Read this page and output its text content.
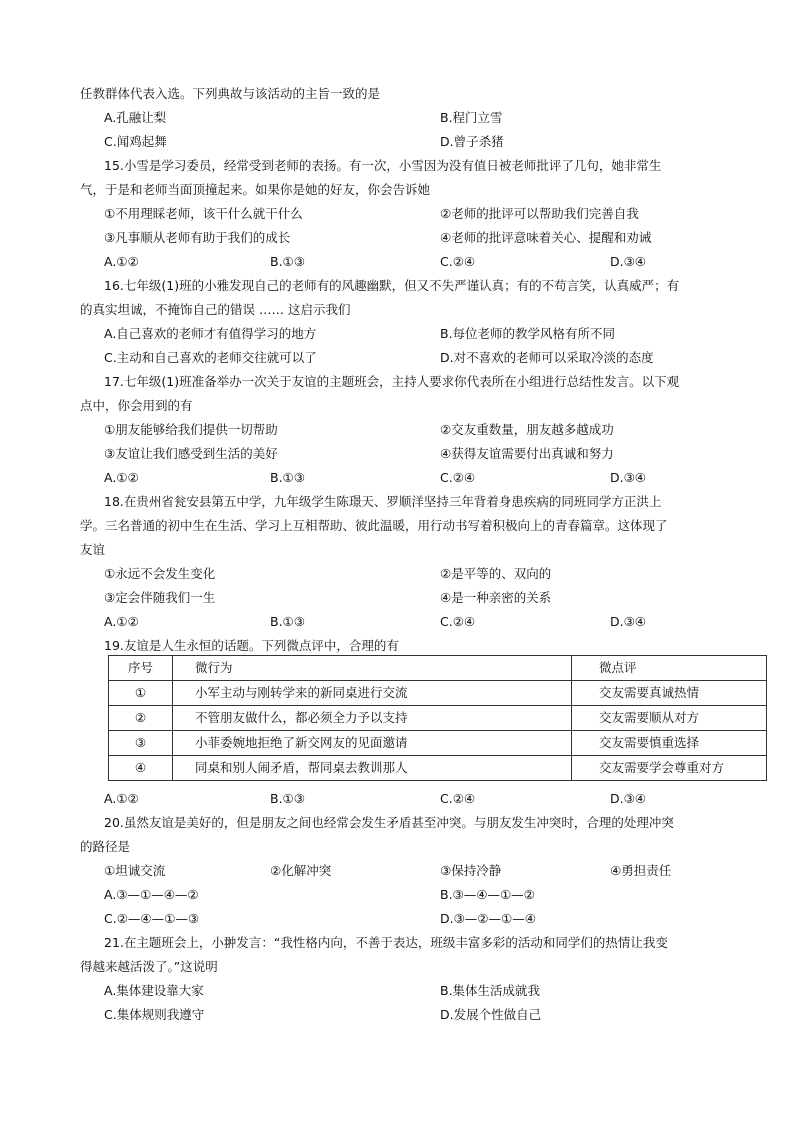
任教群体代表入选。下列典故与该活动的主旨一致的是
A.孔融让梨	B.程门立雪
C.闻鸡起舞	D.曾子杀猪
15.小雪是学习委员，经常受到老师的表扬。有一次，小雪因为没有值日被老师批评了几句，她非常生
气，于是和老师当面顶撞起来。如果你是她的好友，你会告诉她
①不用理睬老师，该干什么就干什么	②老师的批评可以帮助我们完善自我
③凡事顺从老师有助于我们的成长	④老师的批评意味着关心、提醒和劝诫
A.①②	B.①③	C.②④	D.③④
16.七年级(1)班的小雅发现自己的老师有的风趣幽默，但又不失严谨认真；有的不苟言笑，认真威严；有
的真实坦诚，不掩饰自己的错误 …… 这启示我们
A.自己喜欢的老师才有值得学习的地方	B.每位老师的教学风格有所不同
C.主动和自己喜欢的老师交往就可以了	D.对不喜欢的老师可以采取冷淡的态度
17.七年级(1)班准备举办一次关于友谊的主题班会，主持人要求你代表所在小组进行总结性发言。以下观
点中，你会用到的有
①朋友能够给我们提供一切帮助	②交友重数量，朋友越多越成功
③友谊让我们感受到生活的美好	④获得友谊需要付出真诚和努力
A.①②	B.①③	C.②④	D.③④
18.在贵州省瓮安县第五中学，九年级学生陈璟天、罗顺洋坚持三年背着身患疾病的同班同学方正洪上
学。三名普通的初中生在生活、学习上互相帮助、彼此温暖，用行动书写着积极向上的青春篇章。这体现了
友谊
①永远不会发生变化	②是平等的、双向的
③定会伴随我们一生	④是一种亲密的关系
A.①②	B.①③	C.②④	D.③④
19.友谊是人生永恒的话题。下列微点评中，合理的有
序号	微行为	微点评
①	小军主动与刚转学来的新同桌进行交流	交友需要真诚热情
②	不管朋友做什么，都必须全力予以支持	交友需要顺从对方
③	小菲委婉地拒绝了新交网友的见面邀请	交友需要慎重选择
④	同桌和别人闹矛盾，帮同桌去教训那人	交友需要学会尊重对方
A.①②	B.①③	C.②④	D.③④
20.虽然友谊是美好的，但是朋友之间也经常会发生矛盾甚至冲突。与朋友发生冲突时，合理的处理冲突
的路径是
①坦诚交流	②化解冲突	③保持冷静	④勇担责任
A.③—①—④—②	B.③—④—①—②
C.②—④—①—③	D.③—②—①—④
21.在主题班会上，小翀发言：“我性格内向，不善于表达，班级丰富多彩的活动和同学们的热情让我变
得越来越活泼了。”这说明
A.集体建设靠大家	B.集体生活成就我
C.集体规则我遵守	D.发展个性做自己
